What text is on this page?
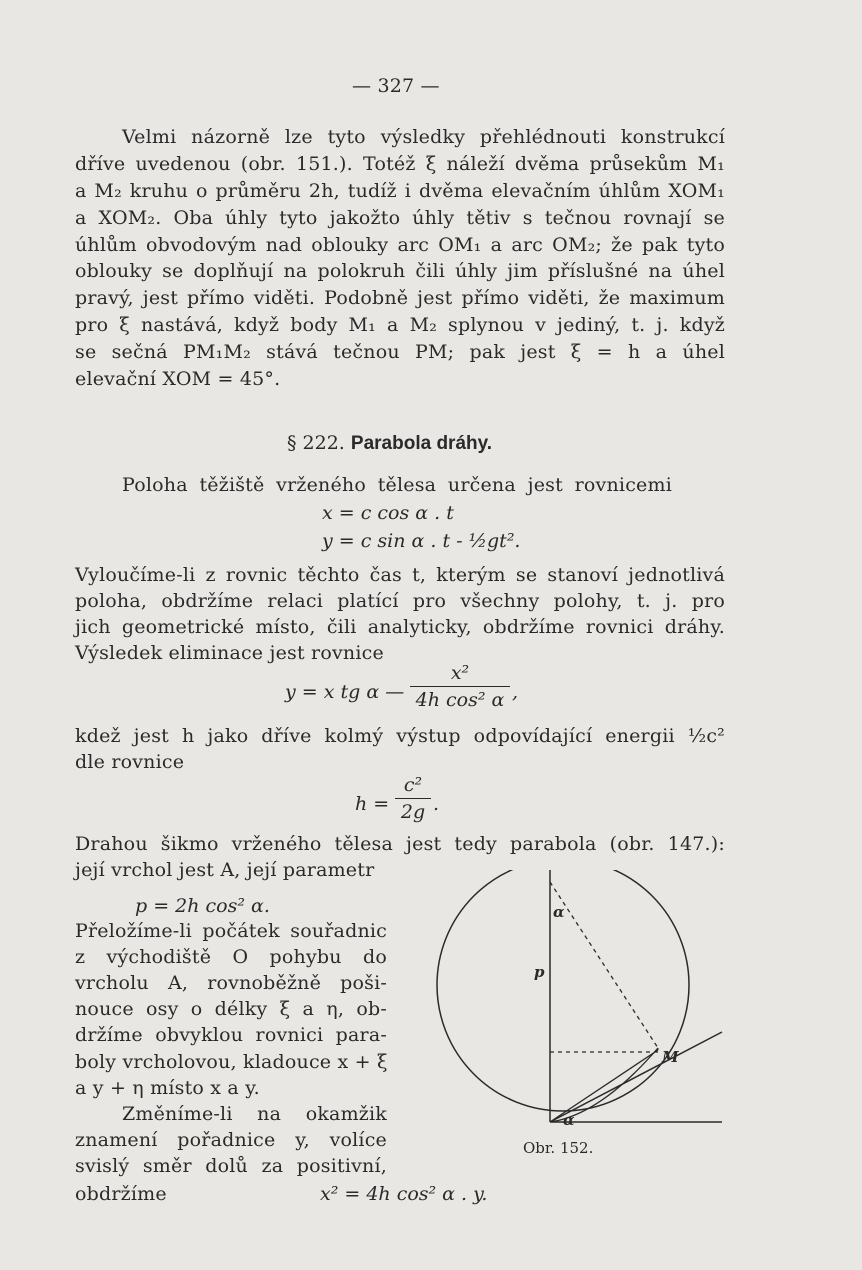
— 327 —
Velmi názorně lze tyto výsledky přehlédnouti konstrukcí
dříve uvedenou (obr. 151.). Totéž ξ náleží dvěma průsekům M₁
a M₂ kruhu o průměru 2h, tudíž i dvěma elevačním úhlům XOM₁
a XOM₂. Oba úhly tyto jakožto úhly tětiv s tečnou rovnají se
úhlům obvodovým nad oblouky arc OM₁ a arc OM₂; že pak tyto
oblouky se doplňují na polokruh čili úhly jim příslušné na úhel
pravý, jest přímo viděti. Podobně jest přímo viděti, že maximum
pro ξ nastává, když body M₁ a M₂ splynou v jediný, t. j. když
se sečná PM₁M₂ stává tečnou PM; pak jest ξ = h a úhel
elevační XOM = 45°.
§ 222. Parabola dráhy.
Poloha těžiště vrženého tělesa určena jest rovnicemi
x = c cos α . t
y = c sin α . t - ½gt².
Vyloučíme-li z rovnic těchto čas t, kterým se stanoví jednotlivá
poloha, obdržíme relaci platící pro všechny polohy, t. j. pro
jich geometrické místo, čili analyticky, obdržíme rovnici dráhy.
Výsledek eliminace jest rovnice
y = x tg α —
x²
4h cos² α ,
kdež jest h jako dříve kolmý výstup odpovídající energii ½c²
dle rovnice
h =
c²
2g .
Drahou šikmo vrženého tělesa jest tedy parabola (obr. 147.):
její vrchol jest A, její parametr
p = 2h cos² α.
Přeložíme-li počátek souřadnic
z východiště O pohybu do
vrcholu A, rovnoběžně poši-
nouce osy o délky ξ a η, ob-
držíme obvyklou rovnici para-
boly vrcholovou, kladouce x + ξ
a y + η místo x a y.
Změníme-li na okamžik
znamení pořadnice y, volíce
svislý směr dolů za positivní,
obdržíme	x² = 4h cos² α . y.
α
p
M
α
Obr. 152.
